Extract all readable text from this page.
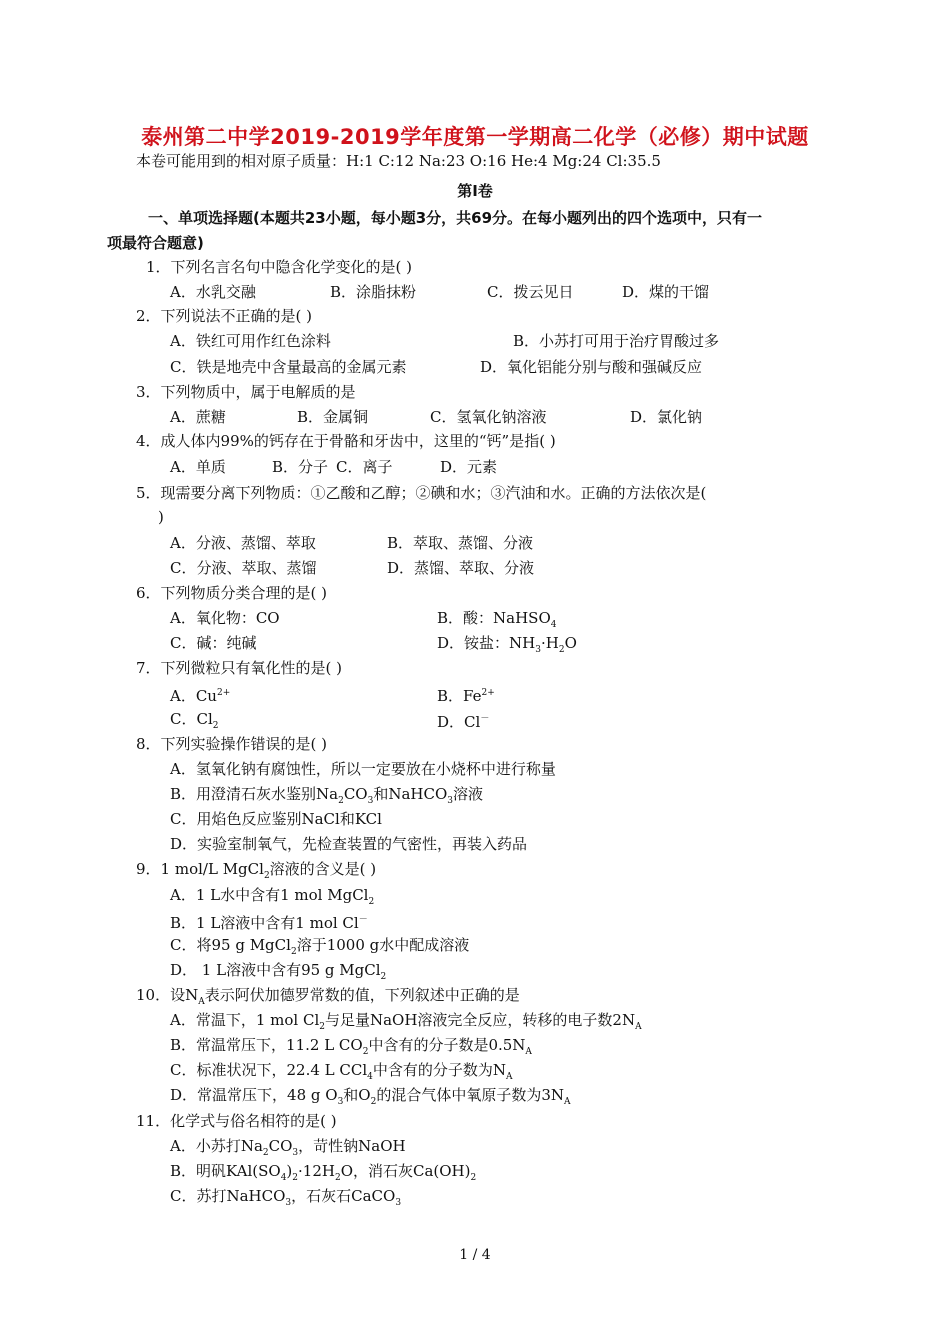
泰州第二中学2019-2019学年度第一学期高二化学（必修）期中试题
本卷可能用到的相对原子质量：H:1 C:12 Na:23 O:16 He:4 Mg:24 Cl:35.5
第Ⅰ卷
一、单项选择题(本题共23小题，每小题3分，共69分。在每小题列出的四个选项中，只有一
项最符合题意)
1．下列名言名句中隐含化学变化的是( )
A．水乳交融	B．涂脂抹粉	C．拨云见日	D．煤的干馏
2．下列说法不正确的是( )
A．铁红可用作红色涂料	B．小苏打可用于治疗胃酸过多
C．铁是地壳中含量最高的金属元素	D．氧化铝能分别与酸和强碱反应
3．下列物质中，属于电解质的是
A．蔗糖	B．金属铜	C．氢氧化钠溶液	D．氯化钠
4．成人体内99%的钙存在于骨骼和牙齿中，这里的“钙”是指( )
A．单质	B．分子 C．离子	D．元素
5．现需要分离下列物质：①乙酸和乙醇；②碘和水；③汽油和水。正确的方法依次是(
)
A．分液、蒸馏、萃取	B．萃取、蒸馏、分液
C．分液、萃取、蒸馏	D．蒸馏、萃取、分液
6．下列物质分类合理的是( )
A．氧化物：CO	B．酸：NaHSO$_4$
C．碱：纯碱	D．铵盐：$NH_3\cdot H_2O$
7．下列微粒只有氧化性的是( )
A．$Cu^{2+}$	B．$Fe^{2+}$
C．$Cl_2$	D．Cl－
8．下列实验操作错误的是( )
A．氢氧化钠有腐蚀性，所以一定要放在小烧杯中进行称量
B．用澄清石灰水鉴别$Na_2CO_3$和NaHCO$_3$溶液
C．用焰色反应鉴别NaCl和KCl
D．实验室制氧气，先检查装置的气密性，再装入药品
9．1 mol/L MgCl$_2$溶液的含义是( )
A．1 L水中含有1 mol MgCl$_2$
B．1 L溶液中含有1 mol Cl－
C．将95 g MgCl$_2$溶于1000 g水中配成溶液
D． 1 L溶液中含有95 g MgCl$_2$
10．设$N_A$表示阿伏加德罗常数的值，下列叙述中正确的是
A．常温下，1 mol $Cl_2$与足量NaOH溶液完全反应，转移的电子数$2N_A$
B．常温常压下，11.2 L $CO_2$中含有的分子数是$0.5N_A$
C．标准状况下，22.4 L CCl$_4$中含有的分子数为$N_A$
D．常温常压下，48 g $O_3$和$O_2$的混合气体中氧原子数为$3N_A$
11．化学式与俗名相符的是( )
A．小苏打$Na_2CO_3$，苛性钠NaOH
B．明矾$KAl(SO_4)_2\cdot 12H_2O$，消石灰$Ca(OH)_2$
C．苏打NaHCO$_3$，石灰石CaCO$_3$
1 / 4
